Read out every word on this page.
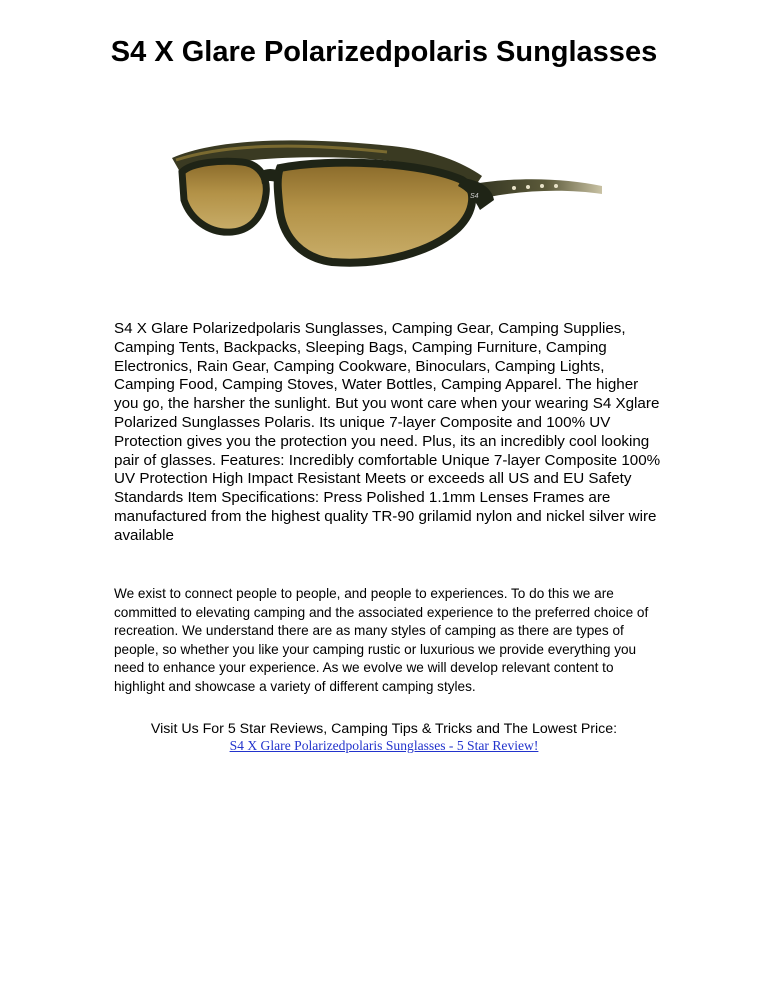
S4 X Glare Polarizedpolaris Sunglasses
S4

S4 X Glare Polarizedpolaris Sunglasses, Camping Gear, Camping Supplies, Camping Tents, Backpacks, Sleeping Bags, Camping Furniture, Camping Electronics, Rain Gear, Camping Cookware, Binoculars, Camping Lights, Camping Food, Camping Stoves, Water Bottles, Camping Apparel. The higher you go, the harsher the sunlight. But you wont care when your wearing S4 Xglare Polarized Sunglasses Polaris. Its unique 7-layer Composite and 100% UV Protection gives you the protection you need. Plus, its an incredibly cool looking pair of glasses. Features: Incredibly comfortable Unique 7-layer Composite 100% UV Protection High Impact Resistant Meets or exceeds all US and EU Safety Standards Item Specifications: Press Polished 1.1mm Lenses Frames are manufactured from the highest quality TR-90 grilamid nylon and nickel silver wire available

We exist to connect people to people, and people to experiences. To do this we are committed to elevating camping and the associated experience to the preferred choice of recreation. We understand there are as many styles of camping as there are types of people, so whether you like your camping rustic or luxurious we provide everything you need to enhance your experience. As we evolve we will develop relevant content to highlight and showcase a variety of different camping styles.

Visit Us For 5 Star Reviews, Camping Tips & Tricks and The Lowest Price:
S4 X Glare Polarizedpolaris Sunglasses - 5 Star Review!
